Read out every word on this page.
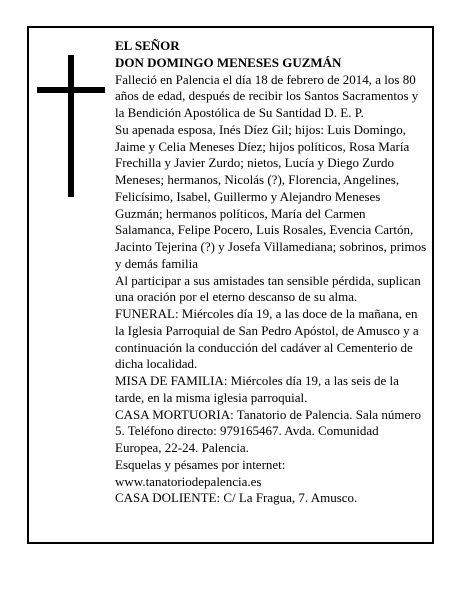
EL SEÑOR

DON DOMINGO MENESES GUZMÁN

Falleció en Palencia el día 18 de febrero de 2014, a los 80 años de edad, después de recibir los Santos Sacramentos y la Bendición Apostólica de Su Santidad D. E. P.

Su apenada esposa, Inés Díez Gil; hijos: Luis Domingo, Jaime y Celia Meneses Díez; hijos políticos, Rosa María Frechilla y Javier Zurdo; nietos, Lucía y Diego Zurdo Meneses; hermanos, Nicolás (?), Florencia, Angelines, Felicísimo, Isabel, Guillermo y Alejandro Meneses Guzmán; hermanos políticos, María del Carmen Salamanca, Felipe Pocero, Luis Rosales, Evencia Cartón, Jacinto Tejerina (?) y Josefa Villamediana; sobrinos, primos y demás familia

Al participar a sus amistades tan sensible pérdida, suplican una oración por el eterno descanso de su alma.

FUNERAL: Miércoles día 19, a las doce de la mañana, en la Iglesia Parroquial de San Pedro Apóstol, de Amusco y a continuación la conducción del cadáver al Cementerio de dicha localidad.

MISA DE FAMILIA: Miércoles día 19, a las seis de la tarde, en la misma iglesia parroquial.

CASA MORTUORIA: Tanatorio de Palencia. Sala número 5. Teléfono directo: 979165467. Avda. Comunidad Europea, 22-24. Palencia.

Esquelas y pésames por internet: www.tanatoriodepalencia.es

CASA DOLIENTE: C/ La Fragua, 7. Amusco.
